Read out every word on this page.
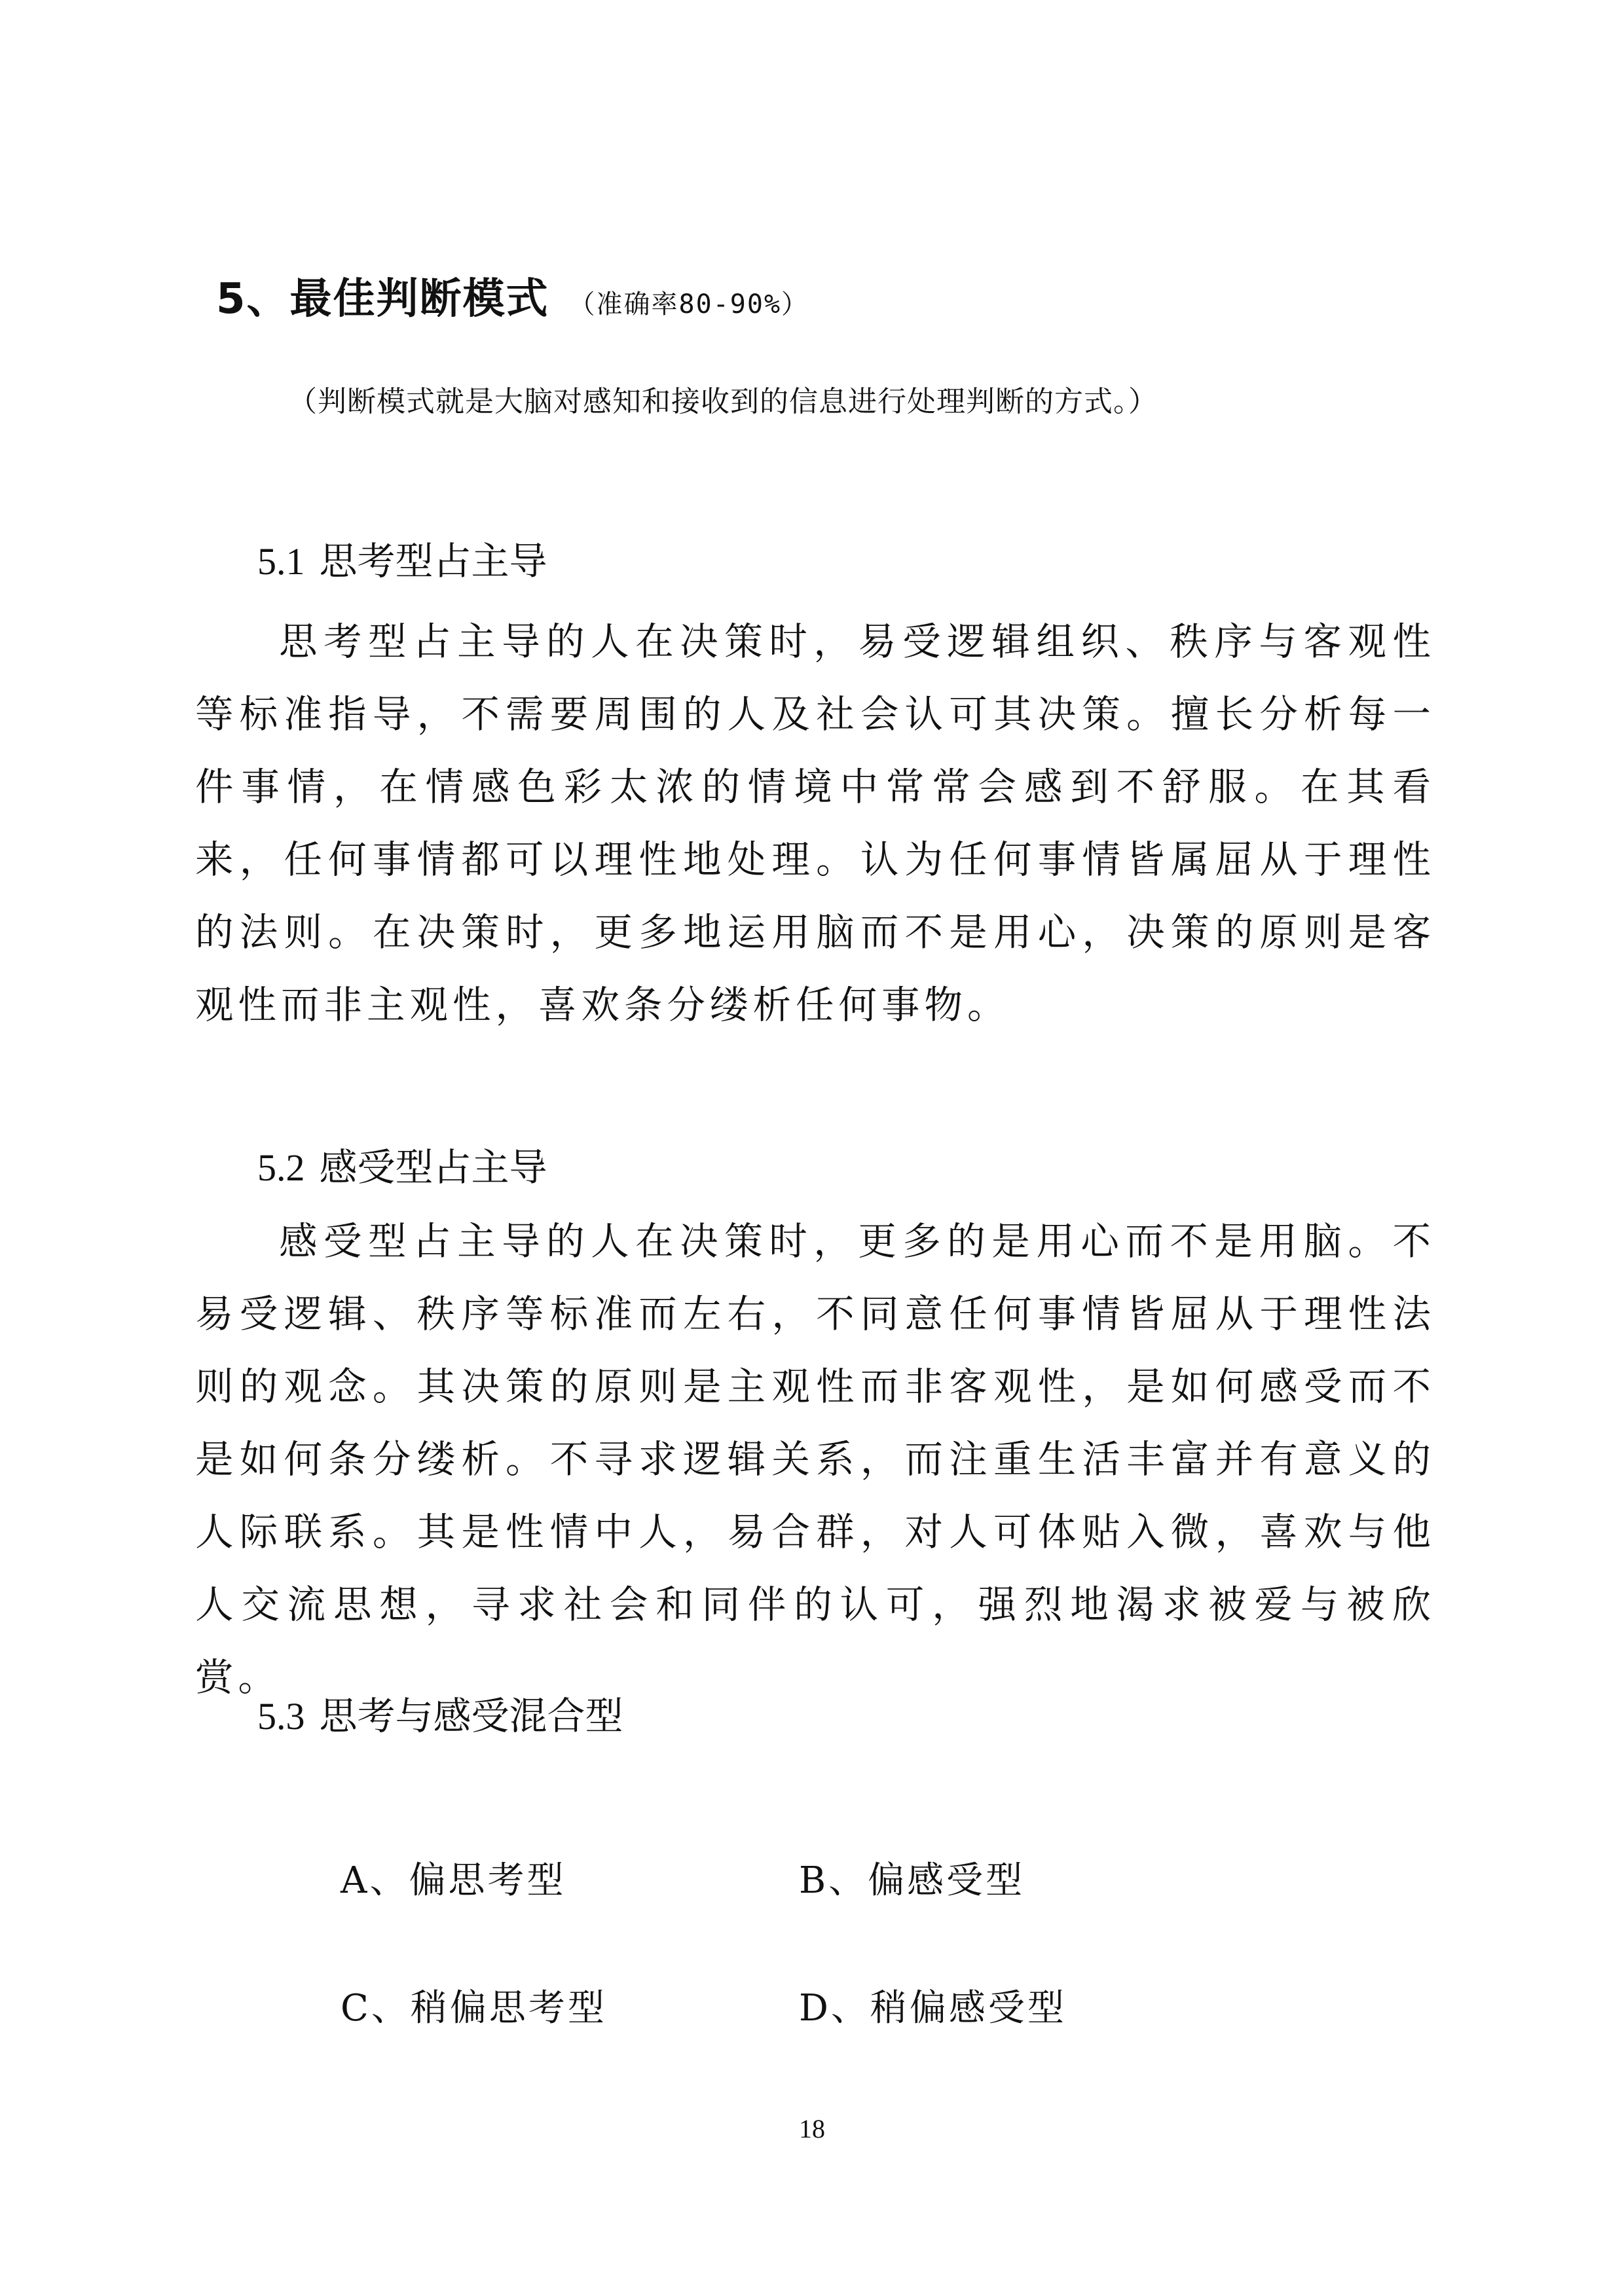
5、最佳判断模式 （准确率80-90%）
（判断模式就是大脑对感知和接收到的信息进行处理判断的方式。）
5.1 思考型占主导

思考型占主导的人在决策时，易受逻辑组织、秩序与客观性等标准指导，不需要周围的人及社会认可其决策。擅长分析每一件事情，在情感色彩太浓的情境中常常会感到不舒服。在其看来，任何事情都可以理性地处理。认为任何事情皆属屈从于理性的法则。在决策时，更多地运用脑而不是用心，决策的原则是客观性而非主观性，喜欢条分缕析任何事物。

5.2 感受型占主导

感受型占主导的人在决策时，更多的是用心而不是用脑。不易受逻辑、秩序等标准而左右，不同意任何事情皆屈从于理性法则的观念。其决策的原则是主观性而非客观性，是如何感受而不是如何条分缕析。不寻求逻辑关系，而注重生活丰富并有意义的人际联系。其是性情中人，易合群，对人可体贴入微，喜欢与他人交流思想，寻求社会和同伴的认可，强烈地渴求被爱与被欣赏。

5.3 思考与感受混合型
A、偏思考型	B、偏感受型
C、稍偏思考型	D、稍偏感受型
18
